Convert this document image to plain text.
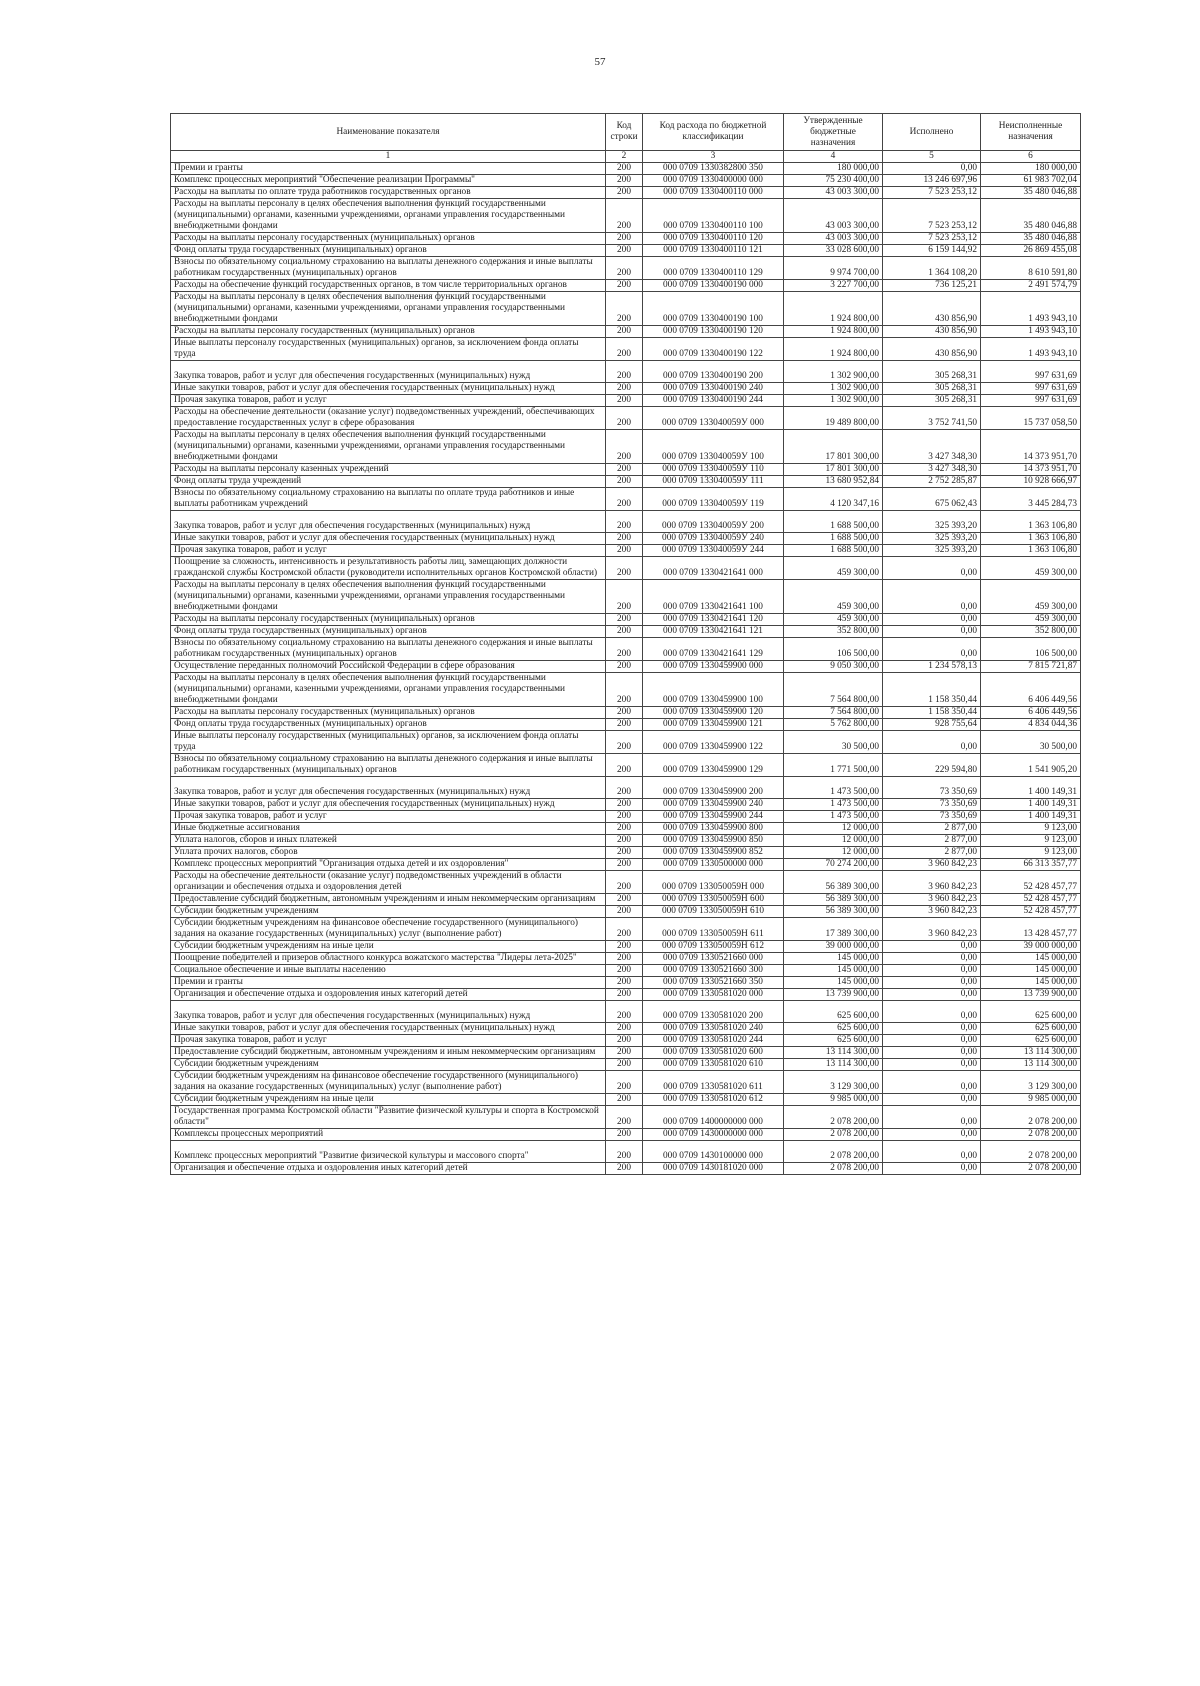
57
Наименование показателя	Код строки	Код расхода по бюджетной классификации	Утвержденные бюджетные назначения	Исполнено	Неисполненные назначения
1	2	3	4	5	6
Премии и гранты	200	000 0709 1330382800 350	180 000,00	0,00	180 000,00
Комплекс процессных мероприятий "Обеспечение реализации Программы"	200	000 0709 1330400000 000	75 230 400,00	13 246 697,96	61 983 702,04
Расходы на выплаты по оплате труда работников государственных органов	200	000 0709 1330400110 000	43 003 300,00	7 523 253,12	35 480 046,88
Расходы на выплаты персоналу в целях обеспечения выполнения функций государственными (муниципальными) органами, казенными учреждениями, органами управления государственными внебюджетными фондами	200	000 0709 1330400110 100	43 003 300,00	7 523 253,12	35 480 046,88
Расходы на выплаты персоналу государственных (муниципальных) органов	200	000 0709 1330400110 120	43 003 300,00	7 523 253,12	35 480 046,88
Фонд оплаты труда государственных (муниципальных) органов	200	000 0709 1330400110 121	33 028 600,00	6 159 144,92	26 869 455,08
Взносы по обязательному социальному страхованию на выплаты денежного содержания и иные выплаты работникам государственных (муниципальных) органов	200	000 0709 1330400110 129	9 974 700,00	1 364 108,20	8 610 591,80
Расходы на обеспечение функций государственных органов, в том числе территориальных органов	200	000 0709 1330400190 000	3 227 700,00	736 125,21	2 491 574,79
Расходы на выплаты персоналу в целях обеспечения выполнения функций государственными (муниципальными) органами, казенными учреждениями, органами управления государственными внебюджетными фондами	200	000 0709 1330400190 100	1 924 800,00	430 856,90	1 493 943,10
Расходы на выплаты персоналу государственных (муниципальных) органов	200	000 0709 1330400190 120	1 924 800,00	430 856,90	1 493 943,10
Иные выплаты персоналу государственных (муниципальных) органов, за исключением фонда оплаты труда	200	000 0709 1330400190 122	1 924 800,00	430 856,90	1 493 943,10
Закупка товаров, работ и услуг для обеспечения государственных (муниципальных) нужд	200	000 0709 1330400190 200	1 302 900,00	305 268,31	997 631,69
Иные закупки товаров, работ и услуг для обеспечения государственных (муниципальных) нужд	200	000 0709 1330400190 240	1 302 900,00	305 268,31	997 631,69
Прочая закупка товаров, работ и услуг	200	000 0709 1330400190 244	1 302 900,00	305 268,31	997 631,69
Расходы на обеспечение деятельности (оказание услуг) подведомственных учреждений, обеспечивающих предоставление государственных услуг в сфере образования	200	000 0709 133040059У 000	19 489 800,00	3 752 741,50	15 737 058,50
Расходы на выплаты персоналу в целях обеспечения выполнения функций государственными (муниципальными) органами, казенными учреждениями, органами управления государственными внебюджетными фондами	200	000 0709 133040059У 100	17 801 300,00	3 427 348,30	14 373 951,70
Расходы на выплаты персоналу казенных учреждений	200	000 0709 133040059У 110	17 801 300,00	3 427 348,30	14 373 951,70
Фонд оплаты труда учреждений	200	000 0709 133040059У 111	13 680 952,84	2 752 285,87	10 928 666,97
Взносы по обязательному социальному страхованию на выплаты по оплате труда работников и иные выплаты работникам учреждений	200	000 0709 133040059У 119	4 120 347,16	675 062,43	3 445 284,73
Закупка товаров, работ и услуг для обеспечения государственных (муниципальных) нужд	200	000 0709 133040059У 200	1 688 500,00	325 393,20	1 363 106,80
Иные закупки товаров, работ и услуг для обеспечения государственных (муниципальных) нужд	200	000 0709 133040059У 240	1 688 500,00	325 393,20	1 363 106,80
Прочая закупка товаров, работ и услуг	200	000 0709 133040059У 244	1 688 500,00	325 393,20	1 363 106,80
Поощрение за сложность, интенсивность и результативность работы лиц, замещающих должности гражданской службы Костромской области (руководители исполнительных органов Костромской области)	200	000 0709 1330421641 000	459 300,00	0,00	459 300,00
Расходы на выплаты персоналу в целях обеспечения выполнения функций государственными (муниципальными) органами, казенными учреждениями, органами управления государственными внебюджетными фондами	200	000 0709 1330421641 100	459 300,00	0,00	459 300,00
Расходы на выплаты персоналу государственных (муниципальных) органов	200	000 0709 1330421641 120	459 300,00	0,00	459 300,00
Фонд оплаты труда государственных (муниципальных) органов	200	000 0709 1330421641 121	352 800,00	0,00	352 800,00
Взносы по обязательному социальному страхованию на выплаты денежного содержания и иные выплаты работникам государственных (муниципальных) органов	200	000 0709 1330421641 129	106 500,00	0,00	106 500,00
Осуществление переданных полномочий Российской Федерации в сфере образования	200	000 0709 1330459900 000	9 050 300,00	1 234 578,13	7 815 721,87
Расходы на выплаты персоналу в целях обеспечения выполнения функций государственными (муниципальными) органами, казенными учреждениями, органами управления государственными внебюджетными фондами	200	000 0709 1330459900 100	7 564 800,00	1 158 350,44	6 406 449,56
Расходы на выплаты персоналу государственных (муниципальных) органов	200	000 0709 1330459900 120	7 564 800,00	1 158 350,44	6 406 449,56
Фонд оплаты труда государственных (муниципальных) органов	200	000 0709 1330459900 121	5 762 800,00	928 755,64	4 834 044,36
Иные выплаты персоналу государственных (муниципальных) органов, за исключением фонда оплаты труда	200	000 0709 1330459900 122	30 500,00	0,00	30 500,00
Взносы по обязательному социальному страхованию на выплаты денежного содержания и иные выплаты работникам государственных (муниципальных) органов	200	000 0709 1330459900 129	1 771 500,00	229 594,80	1 541 905,20
Закупка товаров, работ и услуг для обеспечения государственных (муниципальных) нужд	200	000 0709 1330459900 200	1 473 500,00	73 350,69	1 400 149,31
Иные закупки товаров, работ и услуг для обеспечения государственных (муниципальных) нужд	200	000 0709 1330459900 240	1 473 500,00	73 350,69	1 400 149,31
Прочая закупка товаров, работ и услуг	200	000 0709 1330459900 244	1 473 500,00	73 350,69	1 400 149,31
Иные бюджетные ассигнования	200	000 0709 1330459900 800	12 000,00	2 877,00	9 123,00
Уплата налогов, сборов и иных платежей	200	000 0709 1330459900 850	12 000,00	2 877,00	9 123,00
Уплата прочих налогов, сборов	200	000 0709 1330459900 852	12 000,00	2 877,00	9 123,00
Комплекс процессных мероприятий "Организация отдыха детей и их оздоровления"	200	000 0709 1330500000 000	70 274 200,00	3 960 842,23	66 313 357,77
Расходы на обеспечение деятельности (оказание услуг) подведомственных учреждений в области организации и обеспечения отдыха и оздоровления детей	200	000 0709 133050059Н 000	56 389 300,00	3 960 842,23	52 428 457,77
Предоставление субсидий бюджетным, автономным учреждениям и иным некоммерческим организациям	200	000 0709 133050059Н 600	56 389 300,00	3 960 842,23	52 428 457,77
Субсидии бюджетным учреждениям	200	000 0709 133050059Н 610	56 389 300,00	3 960 842,23	52 428 457,77
Субсидии бюджетным учреждениям на финансовое обеспечение государственного (муниципального) задания на оказание государственных (муниципальных) услуг (выполнение работ)	200	000 0709 133050059Н 611	17 389 300,00	3 960 842,23	13 428 457,77
Субсидии бюджетным учреждениям на иные цели	200	000 0709 133050059Н 612	39 000 000,00	0,00	39 000 000,00
Поощрение победителей и призеров областного конкурса вожатского мастерства "Лидеры лета-2025"	200	000 0709 1330521660 000	145 000,00	0,00	145 000,00
Социальное обеспечение и иные выплаты населению	200	000 0709 1330521660 300	145 000,00	0,00	145 000,00
Премии и гранты	200	000 0709 1330521660 350	145 000,00	0,00	145 000,00
Организация и обеспечение отдыха и оздоровления иных категорий детей	200	000 0709 1330581020 000	13 739 900,00	0,00	13 739 900,00
Закупка товаров, работ и услуг для обеспечения государственных (муниципальных) нужд	200	000 0709 1330581020 200	625 600,00	0,00	625 600,00
Иные закупки товаров, работ и услуг для обеспечения государственных (муниципальных) нужд	200	000 0709 1330581020 240	625 600,00	0,00	625 600,00
Прочая закупка товаров, работ и услуг	200	000 0709 1330581020 244	625 600,00	0,00	625 600,00
Предоставление субсидий бюджетным, автономным учреждениям и иным некоммерческим организациям	200	000 0709 1330581020 600	13 114 300,00	0,00	13 114 300,00
Субсидии бюджетным учреждениям	200	000 0709 1330581020 610	13 114 300,00	0,00	13 114 300,00
Субсидии бюджетным учреждениям на финансовое обеспечение государственного (муниципального) задания на оказание государственных (муниципальных) услуг (выполнение работ)	200	000 0709 1330581020 611	3 129 300,00	0,00	3 129 300,00
Субсидии бюджетным учреждениям на иные цели	200	000 0709 1330581020 612	9 985 000,00	0,00	9 985 000,00
Государственная программа Костромской области "Развитие физической культуры и спорта в Костромской области"	200	000 0709 1400000000 000	2 078 200,00	0,00	2 078 200,00
Комплексы процессных мероприятий	200	000 0709 1430000000 000	2 078 200,00	0,00	2 078 200,00
Комплекс процессных мероприятий "Развитие физической культуры и массового спорта"	200	000 0709 1430100000 000	2 078 200,00	0,00	2 078 200,00
Организация и обеспечение отдыха и оздоровления иных категорий детей	200	000 0709 1430181020 000	2 078 200,00	0,00	2 078 200,00
